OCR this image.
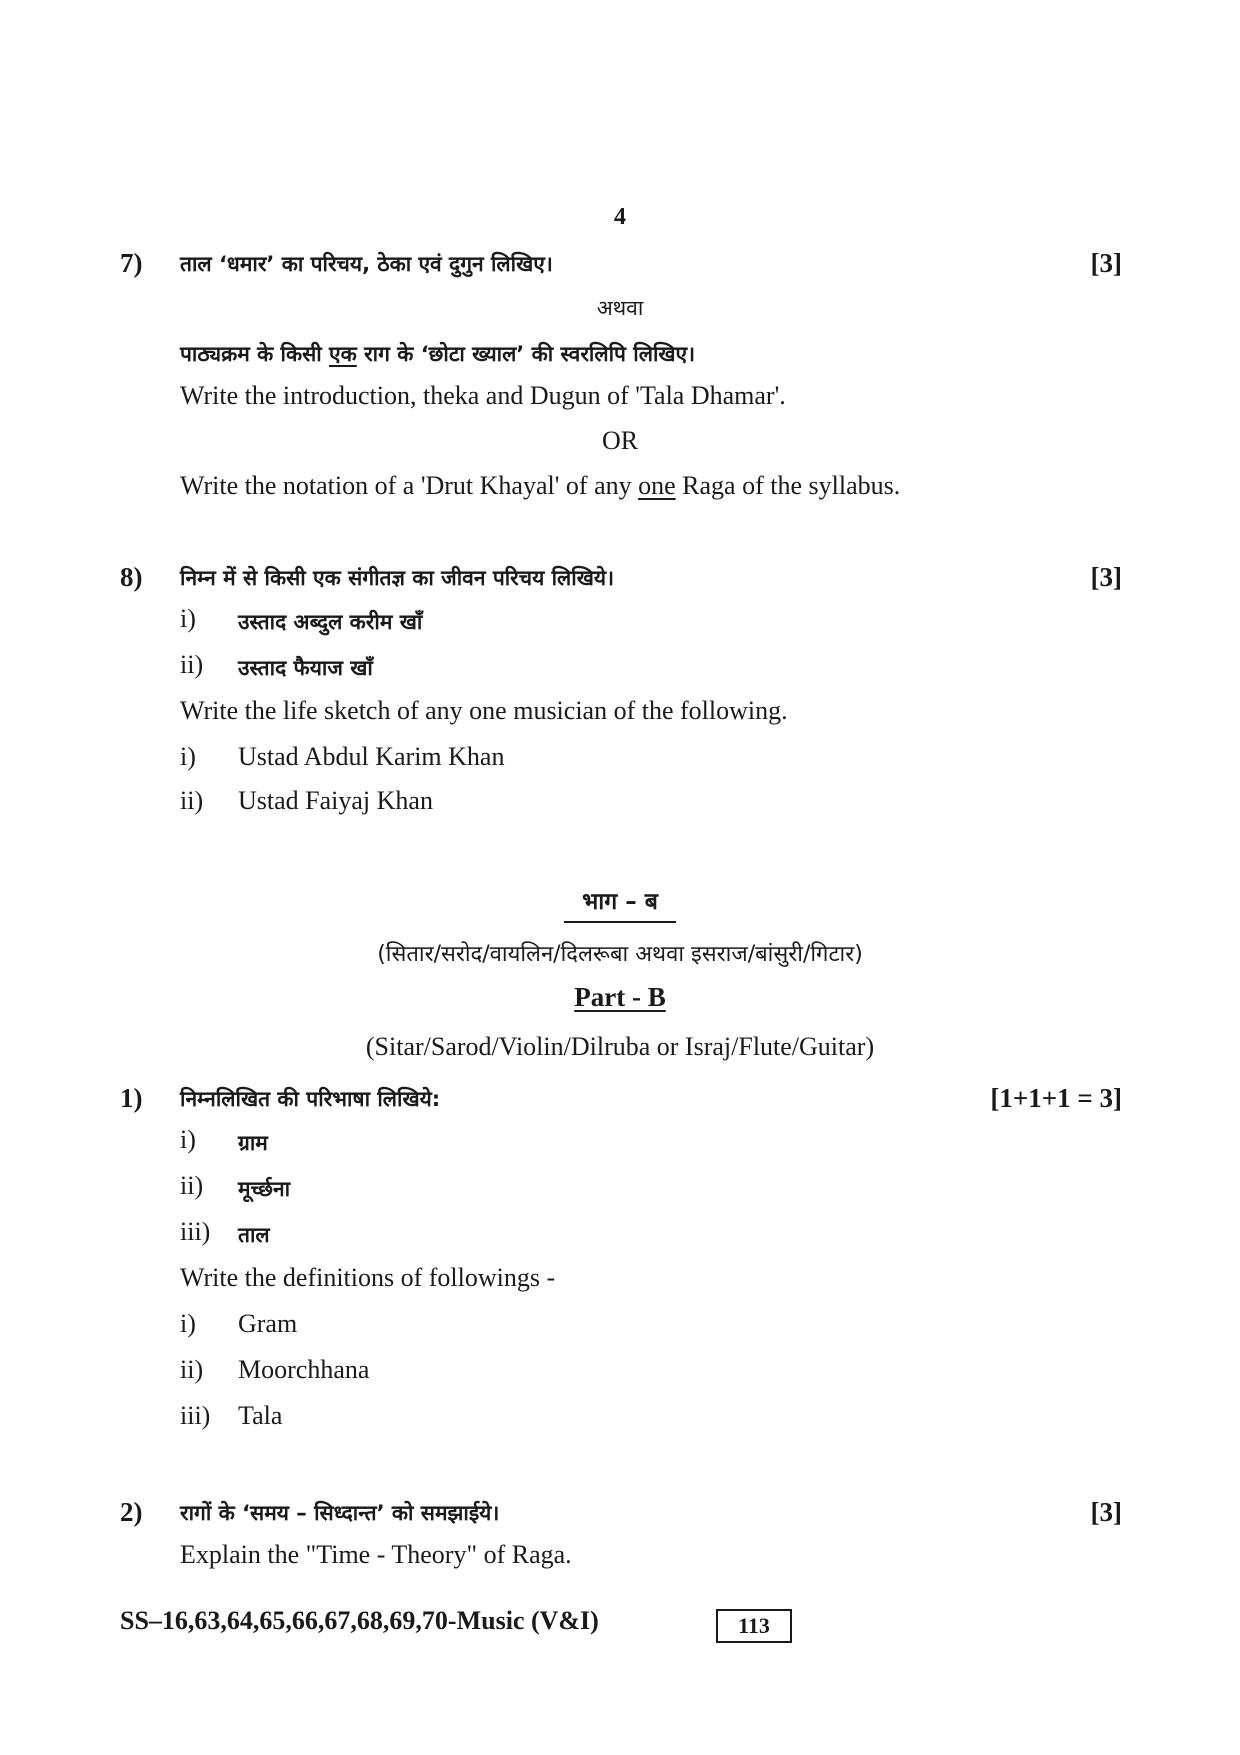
4
7) ताल ‘धमार’ का परिचय, ठेका एवं दुगुन लिखिए।	[3]
अथवा
पाठ्यक्रम के किसी एक राग के ‘छोटा ख्याल’ की स्वरलिपि लिखिए।
Write the introduction, theka and Dugun of 'Tala Dhamar'.
OR
Write the notation of a 'Drut Khayal' of any one Raga of the syllabus.
8) निम्न में से किसी एक संगीतज्ञ का जीवन परिचय लिखिये।	[3]
i) उस्ताद अब्दुल करीम खाँ
ii) उस्ताद फैयाज खाँ
Write the life sketch of any one musician of the following.
i) Ustad Abdul Karim Khan
ii) Ustad Faiyaj Khan
भाग – ब
(सितार/सरोद/वायलिन/दिलरूबा अथवा इसराज/बांसुरी/गिटार)
Part - B
(Sitar/Sarod/Violin/Dilruba or Israj/Flute/Guitar)
1) निम्नलिखित की परिभाषा लिखिये:	[1+1+1 = 3]
i) ग्राम
ii) मूर्च्छना
iii) ताल
Write the definitions of followings -
i) Gram
ii) Moorchhana
iii) Tala
2) रागों के ‘समय – सिध्दान्त’ को समझाईये।	[3]
Explain the "Time - Theory" of Raga.
SS–16,63,64,65,66,67,68,69,70-Music (V&I)	113
